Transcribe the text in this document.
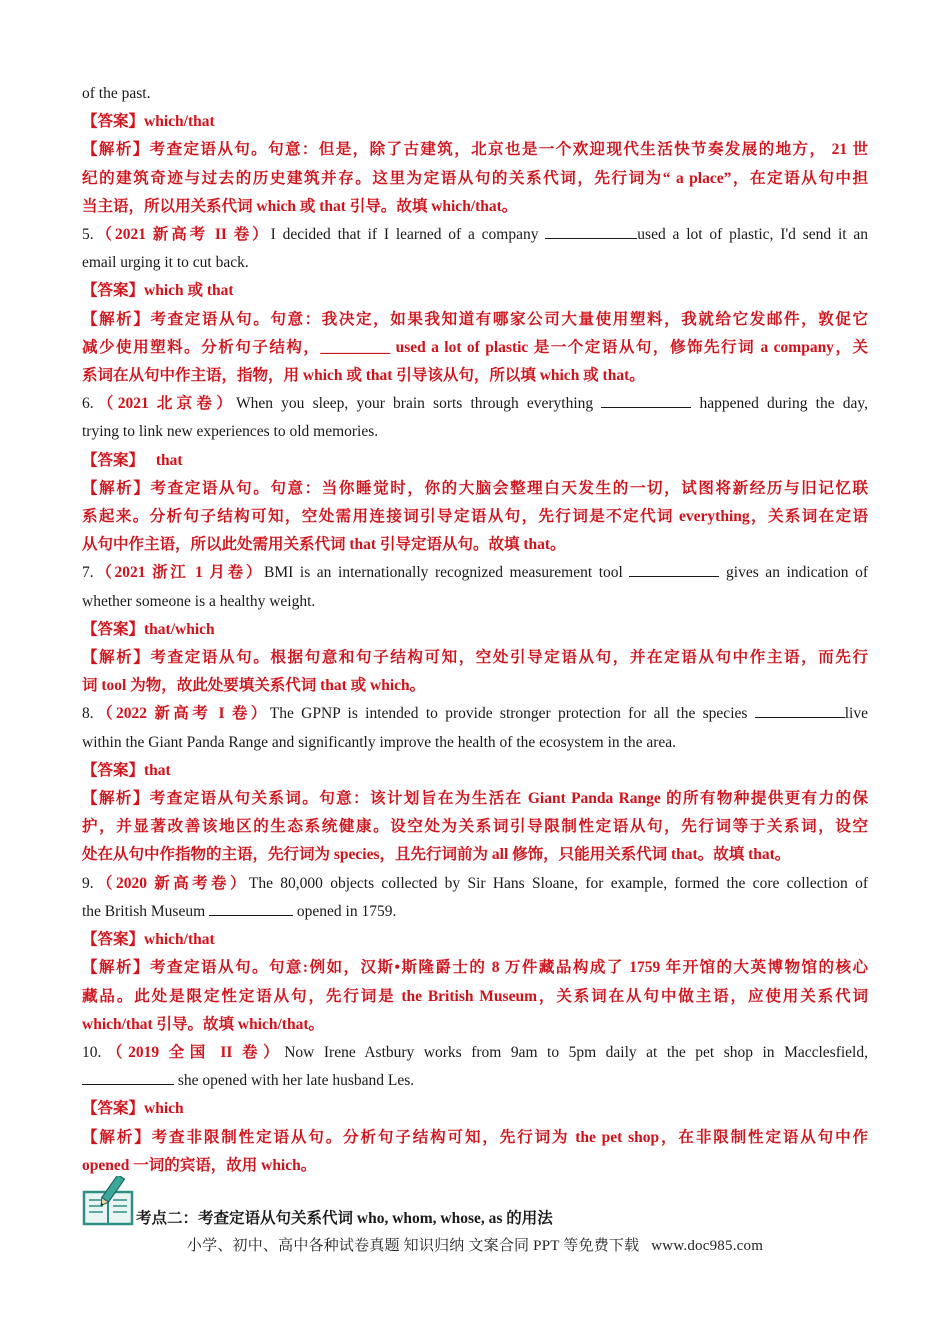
of the past.
【答案】which/that
【解析】考查定语从句。句意：但是，除了古建筑，北京也是一个欢迎现代生活快节奏发展的地方， 21 世
纪的建筑奇迹与过去的历史建筑并存。这里为定语从句的关系代词，先行词为“ a place”，在定语从句中担
当主语，所以用关系代词 which 或 that 引导。故填 which/that。
5.（2021 新高考 II 卷）I decided that if I learned of a company	used a lot of plastic, I'd send it an
email urging it to cut back.
【答案】which 或 that
【解析】考查定语从句。句意：我决定，如果我知道有哪家公司大量使用塑料，我就给它发邮件，敦促它
减少使用塑料。分析句子结构，_________ used a lot of plastic 是一个定语从句，修饰先行词 a company，关
系词在从句中作主语，指物，用 which 或 that 引导该从句，所以填 which 或 that。
6.（2021 北京卷）When you sleep, your brain sorts through everything	happened during the day,
trying to link new experiences to old memories.
【答案】 that
【解析】考查定语从句。句意：当你睡觉时，你的大脑会整理白天发生的一切，试图将新经历与旧记忆联
系起来。分析句子结构可知，空处需用连接词引导定语从句，先行词是不定代词 everything，关系词在定语
从句中作主语，所以此处需用关系代词 that 引导定语从句。故填 that。
7.（2021 浙江 1 月卷）BMI is an internationally recognized measurement tool	gives an indication of
whether someone is a healthy weight.
【答案】that/which
【解析】考查定语从句。根据句意和句子结构可知，空处引导定语从句，并在定语从句中作主语，而先行
词 tool 为物，故此处要填关系代词 that 或 which。
8.（2022 新高考 I 卷）The GPNP is intended to provide stronger protection for all the species	live
within the Giant Panda Range and significantly improve the health of the ecosystem in the area.
【答案】that
【解析】考查定语从句关系词。句意：该计划旨在为生活在 Giant Panda Range 的所有物种提供更有力的保
护，并显著改善该地区的生态系统健康。设空处为关系词引导限制性定语从句，先行词等于关系词，设空
处在从句中作指物的主语，先行词为 species，且先行词前为 all 修饰，只能用关系代词 that。故填 that。
9.（2020 新高考卷）The 80,000 objects collected by Sir Hans Sloane, for example, formed the core collection of
the British Museum	opened in 1759.
【答案】which/that
【解析】考查定语从句。句意:例如，汉斯•斯隆爵士的 8 万件藏品构成了 1759 年开馆的大英博物馆的核心
藏品。此处是限定性定语从句，先行词是 the British Museum，关系词在从句中做主语，应使用关系代词
which/that 引导。故填 which/that。
10.（2019 全国 II 卷）Now Irene Astbury works from 9am to 5pm daily at the pet shop in Macclesfield,
she opened with her late husband Les.
【答案】which
【解析】考查非限制性定语从句。分析句子结构可知，先行词为 the pet shop，在非限制性定语从句中作
opened 一词的宾语，故用 which。
考点二：考查定语从句关系代词 who, whom, whose, as 的用法
小学、初中、高中各种试卷真题 知识归纳 文案合同 PPT 等免费下载 www.doc985.com
